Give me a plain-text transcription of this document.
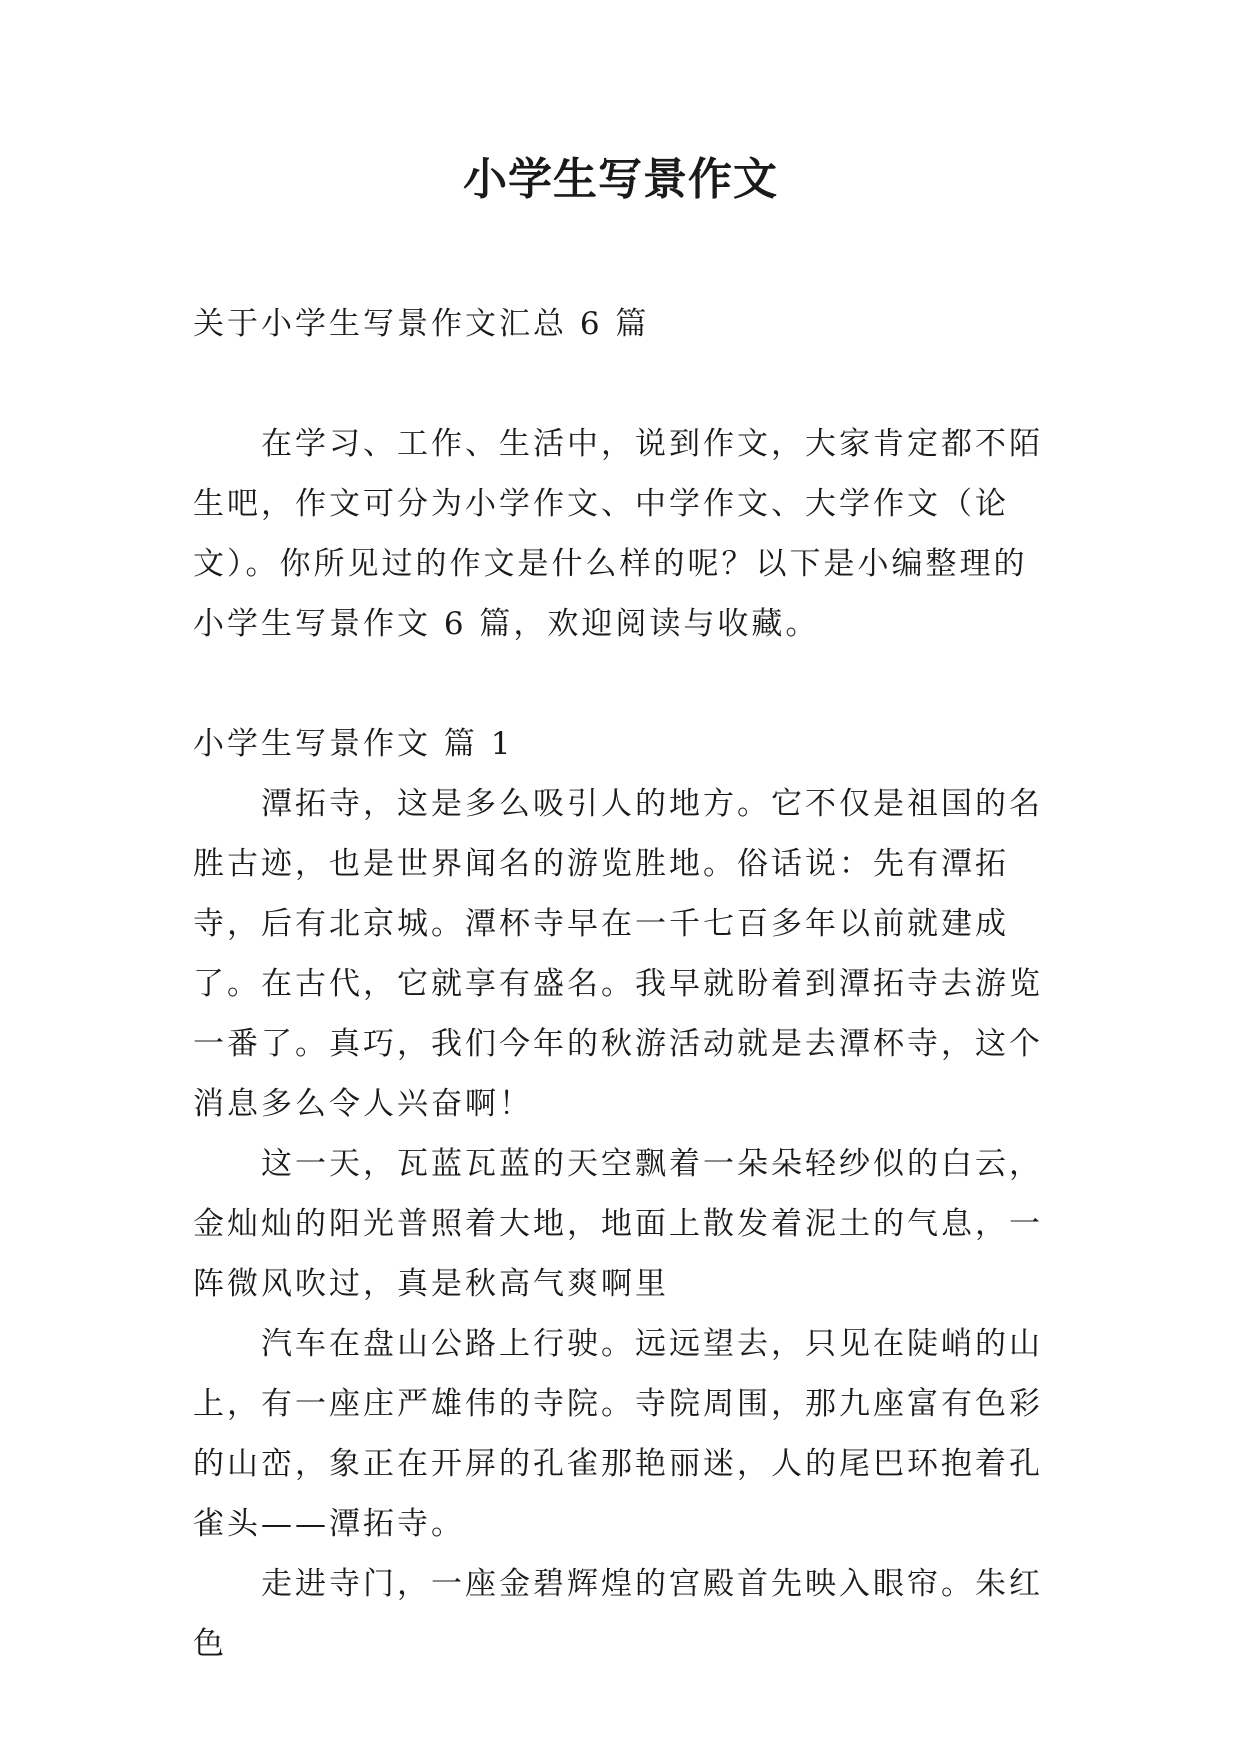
小学生写景作文

关于小学生写景作文汇总 6 篇

在学习、工作、生活中，说到作文，大家肯定都不陌生吧，作文可分为小学作文、中学作文、大学作文（论文）。你所见过的作文是什么样的呢？以下是小编整理的小学生写景作文 6 篇，欢迎阅读与收藏。

小学生写景作文 篇 1

潭拓寺，这是多么吸引人的地方。它不仅是祖国的名胜古迹，也是世界闻名的游览胜地。俗话说：先有潭拓寺，后有北京城。潭杯寺早在一千七百多年以前就建成了。在古代，它就享有盛名。我早就盼着到潭拓寺去游览一番了。真巧，我们今年的秋游活动就是去潭杯寺，这个消息多么令人兴奋啊！

这一天，瓦蓝瓦蓝的天空飘着一朵朵轻纱似的白云，金灿灿的阳光普照着大地，地面上散发着泥土的气息，一阵微风吹过，真是秋高气爽啊里

汽车在盘山公路上行驶。远远望去，只见在陡峭的山上，有一座庄严雄伟的寺院。寺院周围，那九座富有色彩的山峦，象正在开屏的孔雀那艳丽迷，人的尾巴环抱着孔雀头——潭拓寺。

走进寺门，一座金碧辉煌的宫殿首先映入眼帘。朱红色
